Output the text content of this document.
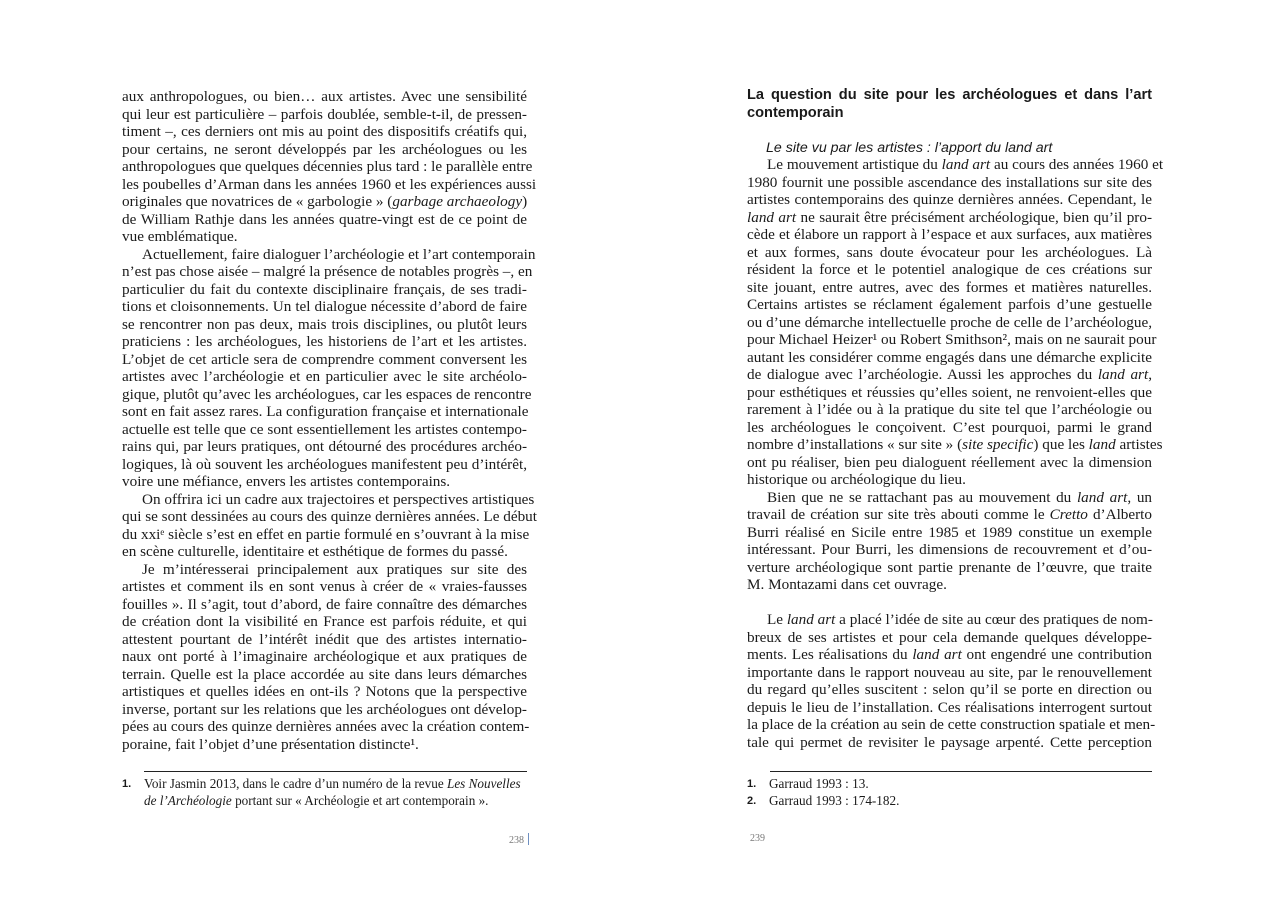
aux anthropologues, ou bien… aux artistes. Avec une sensibilité
qui leur est particulière – parfois doublée, semble-t-il, de pressen-
timent –, ces derniers ont mis au point des dispositifs créatifs qui,
pour certains, ne seront développés par les archéologues ou les
anthropologues que quelques décennies plus tard : le parallèle entre
les poubelles d’Arman dans les années 1960 et les expériences aussi
originales que novatrices de « garbologie » (garbage archaeology)
de William Rathje dans les années quatre-vingt est de ce point de
vue emblématique.
Actuellement, faire dialoguer l’archéologie et l’art contemporain
n’est pas chose aisée – malgré la présence de notables progrès –, en
particulier du fait du contexte disciplinaire français, de ses tradi-
tions et cloisonnements. Un tel dialogue nécessite d’abord de faire
se rencontrer non pas deux, mais trois disciplines, ou plutôt leurs
praticiens : les archéologues, les historiens de l’art et les artistes.
L’objet de cet article sera de comprendre comment conversent les
artistes avec l’archéologie et en particulier avec le site archéolo-
gique, plutôt qu’avec les archéologues, car les espaces de rencontre
sont en fait assez rares. La configuration française et internationale
actuelle est telle que ce sont essentiellement les artistes contempo-
rains qui, par leurs pratiques, ont détourné des procédures archéo-
logiques, là où souvent les archéologues manifestent peu d’intérêt,
voire une méfiance, envers les artistes contemporains.
On offrira ici un cadre aux trajectoires et perspectives artistiques
qui se sont dessinées au cours des quinze dernières années. Le début
du xxiᵉ siècle s’est en effet en partie formulé en s’ouvrant à la mise
en scène culturelle, identitaire et esthétique de formes du passé.
Je m’intéresserai principalement aux pratiques sur site des
artistes et comment ils en sont venus à créer de « vraies-fausses
fouilles ». Il s’agit, tout d’abord, de faire connaître des démarches
de création dont la visibilité en France est parfois réduite, et qui
attestent pourtant de l’intérêt inédit que des artistes internatio-
naux ont porté à l’imaginaire archéologique et aux pratiques de
terrain. Quelle est la place accordée au site dans leurs démarches
artistiques et quelles idées en ont-ils ? Notons que la perspective
inverse, portant sur les relations que les archéologues ont dévelop-
pées au cours des quinze dernières années avec la création contem-
poraine, fait l’objet d’une présentation distincte¹.
1. Voir Jasmin 2013, dans le cadre d’un numéro de la revue Les Nouvelles
de l’Archéologie portant sur « Archéologie et art contemporain ».
238
La question du site pour les archéologues et dans l’art contemporain
Le site vu par les artistes : l’apport du land art
Le mouvement artistique du land art au cours des années 1960 et
1980 fournit une possible ascendance des installations sur site des
artistes contemporains des quinze dernières années. Cependant, le
land art ne saurait être précisément archéologique, bien qu’il pro-
cède et élabore un rapport à l’espace et aux surfaces, aux matières
et aux formes, sans doute évocateur pour les archéologues. Là
résident la force et le potentiel analogique de ces créations sur
site jouant, entre autres, avec des formes et matières naturelles.
Certains artistes se réclament également parfois d’une gestuelle
ou d’une démarche intellectuelle proche de celle de l’archéologue,
pour Michael Heizer¹ ou Robert Smithson², mais on ne saurait pour
autant les considérer comme engagés dans une démarche explicite
de dialogue avec l’archéologie. Aussi les approches du land art,
pour esthétiques et réussies qu’elles soient, ne renvoient-elles que
rarement à l’idée ou à la pratique du site tel que l’archéologie ou
les archéologues le conçoivent. C’est pourquoi, parmi le grand
nombre d’installations « sur site » (site specific) que les land artistes
ont pu réaliser, bien peu dialoguent réellement avec la dimension
historique ou archéologique du lieu.
Bien que ne se rattachant pas au mouvement du land art, un
travail de création sur site très abouti comme le Cretto d’Alberto
Burri réalisé en Sicile entre 1985 et 1989 constitue un exemple
intéressant. Pour Burri, les dimensions de recouvrement et d’ou-
verture archéologique sont partie prenante de l’œuvre, que traite
M. Montazami dans cet ouvrage.
Le land art a placé l’idée de site au cœur des pratiques de nom-
breux de ses artistes et pour cela demande quelques développe-
ments. Les réalisations du land art ont engendré une contribution
importante dans le rapport nouveau au site, par le renouvellement
du regard qu’elles suscitent : selon qu’il se porte en direction ou
depuis le lieu de l’installation. Ces réalisations interrogent surtout
la place de la création au sein de cette construction spatiale et men-
tale qui permet de revisiter le paysage arpenté. Cette perception
1. Garraud 1993 : 13.
2. Garraud 1993 : 174-182.
239
